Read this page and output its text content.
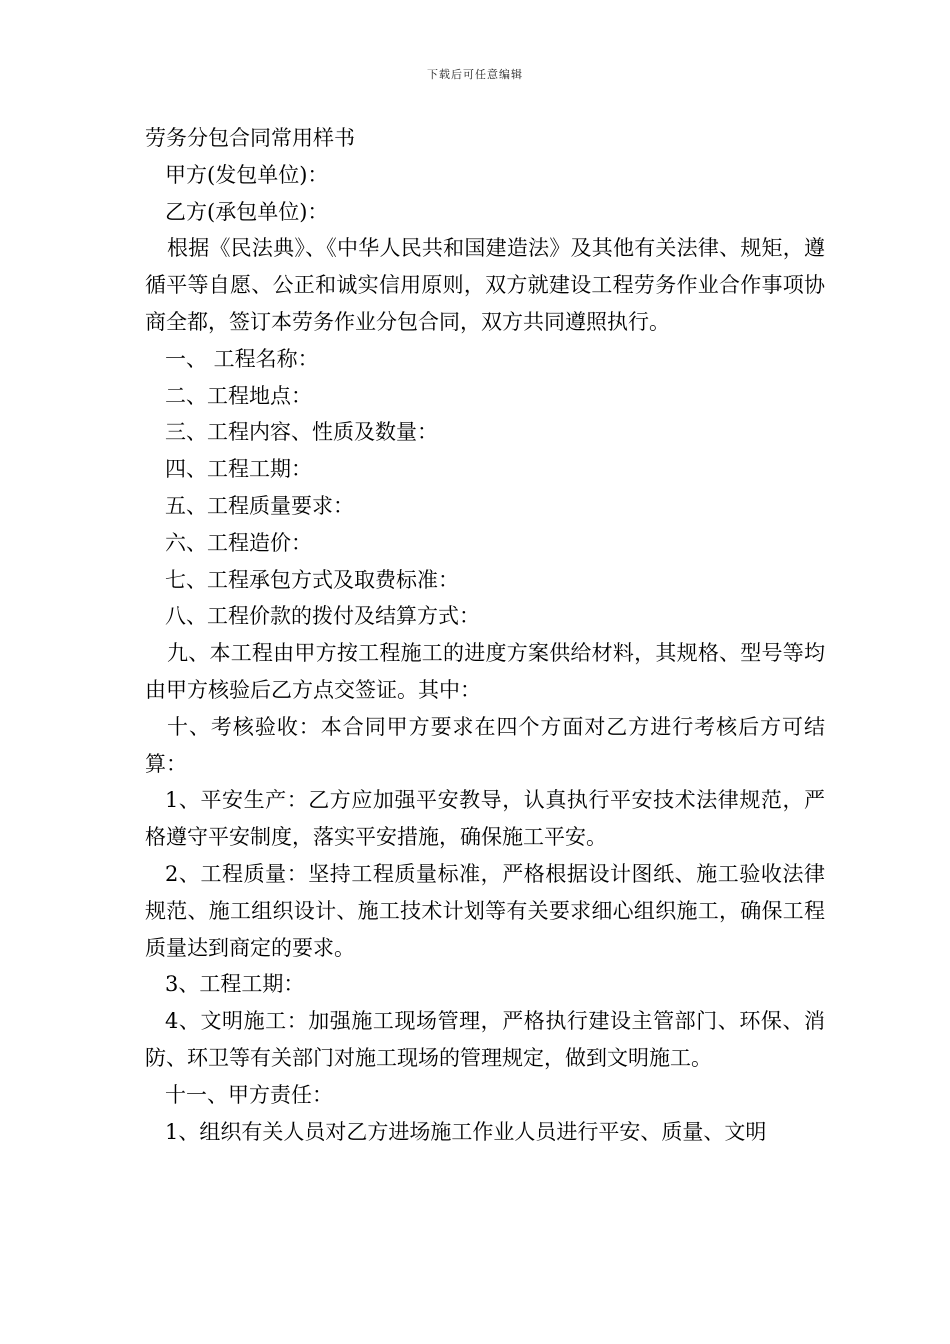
下载后可任意编辑

劳务分包合同常用样书

甲方(发包单位)：

乙方(承包单位)：

根据《民法典》、《中华人民共和国建造法》及其他有关法律、规矩，遵循平等自愿、公正和诚实信用原则，双方就建设工程劳务作业合作事项协商全都，签订本劳务作业分包合同，双方共同遵照执行。

一、 工程名称：

二、工程地点：

三、工程内容、性质及数量：

四、工程工期：

五、工程质量要求：

六、工程造价：

七、工程承包方式及取费标准：

八、工程价款的拨付及结算方式：

九、本工程由甲方按工程施工的进度方案供给材料，其规格、型号等均由甲方核验后乙方点交签证。其中：

十、考核验收：本合同甲方要求在四个方面对乙方进行考核后方可结算：

1、平安生产：乙方应加强平安教导，认真执行平安技术法律规范，严格遵守平安制度，落实平安措施，确保施工平安。

2、工程质量：坚持工程质量标准，严格根据设计图纸、施工验收法律规范、施工组织设计、施工技术计划等有关要求细心组织施工，确保工程质量达到商定的要求。

3、工程工期：

4、文明施工：加强施工现场管理，严格执行建设主管部门、环保、消防、环卫等有关部门对施工现场的管理规定，做到文明施工。

十一、甲方责任：

1、组织有关人员对乙方进场施工作业人员进行平安、质量、文明
